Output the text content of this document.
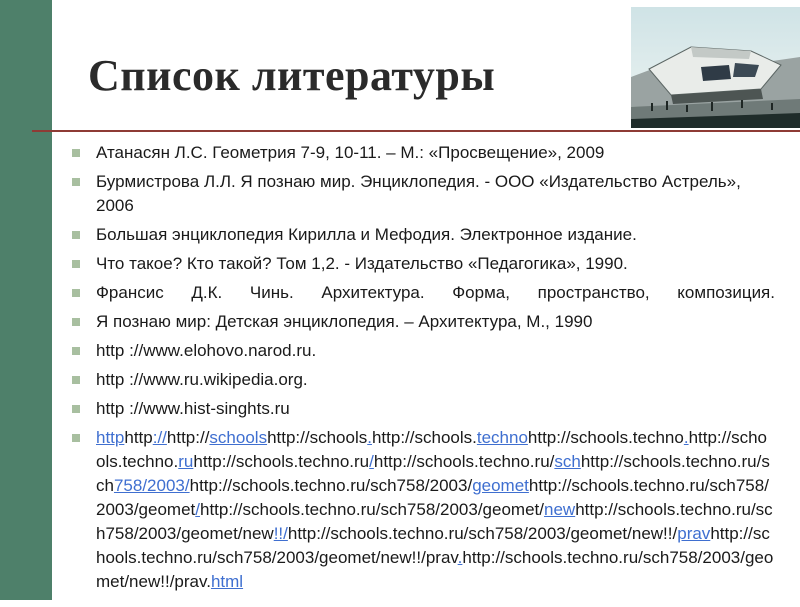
Список литературы
Атанасян Л.С. Геометрия 7-9, 10-11. – М.: «Просвещение», 2009
Бурмистрова Л.Л. Я познаю мир. Энциклопедия. - ООО «Издательство Астрель», 2006
Большая энциклопедия Кирилла и Мефодия. Электронное издание.
Что такое? Кто такой? Том 1,2. - Издательство «Педагогика», 1990.
Франсис Д.К. Чинь. Архитектура. Форма, пространство, композиция.
Я познаю мир: Детская энциклопедия. – Архитектура, М., 1990
http ://www.elohovo.narod.ru.
http ://www.ru.wikipedia.org.
http ://www.hist-singhts.ru
httphttp://http://schoolshttp://schools.http://schools.technohttp://schools.techno.http://schools.techno.ruhttp://schools.techno.ru/http://schools.techno.ru/schhttp://schools.techno.ru/sch758/2003/http://schools.techno.ru/sch758/2003/geomethttp://schools.techno.ru/sch758/2003/geomet/http://schools.techno.ru/sch758/2003/geomet/newhttp://schools.techno.ru/sch758/2003/geomet/new!!/http://schools.techno.ru/sch758/2003/geomet/new!!/pravhttp://schools.techno.ru/sch758/2003/geomet/new!!/prav.http://schools.techno.ru/sch758/2003/geomet/new!!/prav.html
